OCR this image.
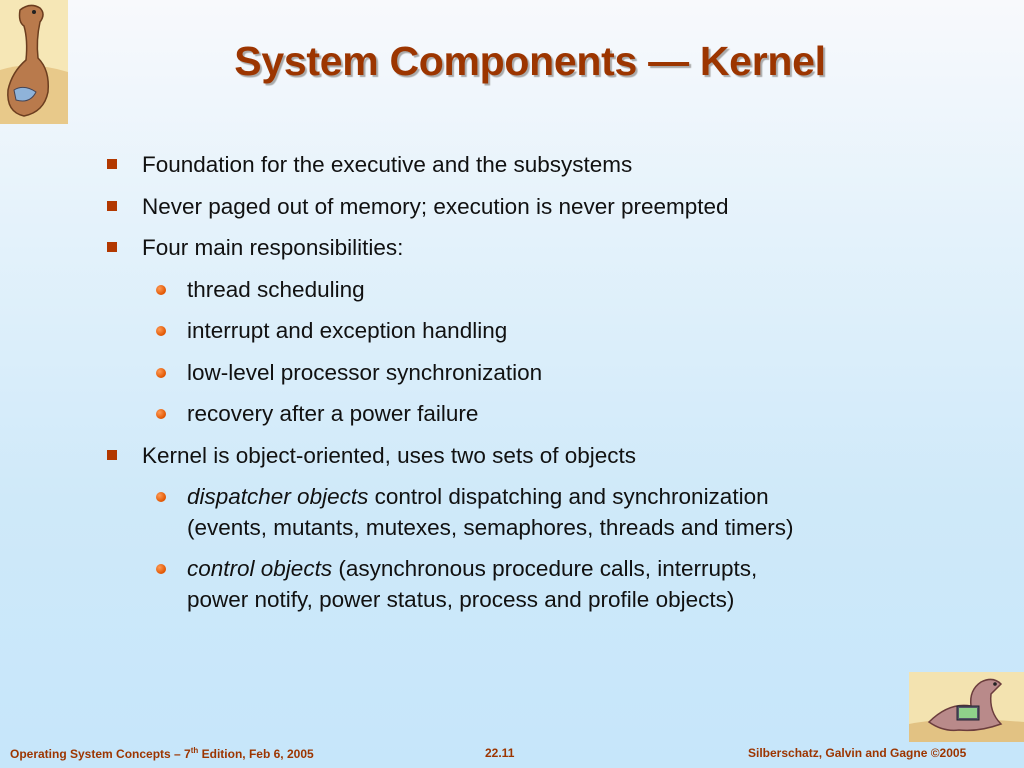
System Components — Kernel
Foundation for the executive and the subsystems
Never paged out of memory; execution is never preempted
Four main responsibilities:
thread scheduling
interrupt and exception handling
low-level processor synchronization
recovery after a power failure
Kernel is object-oriented, uses two sets of objects
dispatcher objects control dispatching and synchronization
(events, mutants, mutexes, semaphores, threads and timers)
control objects (asynchronous procedure calls, interrupts,
power notify, power status, process and profile objects)
Operating System Concepts – 7th Edition, Feb 6, 2005	22.11	Silberschatz, Galvin and Gagne ©2005
